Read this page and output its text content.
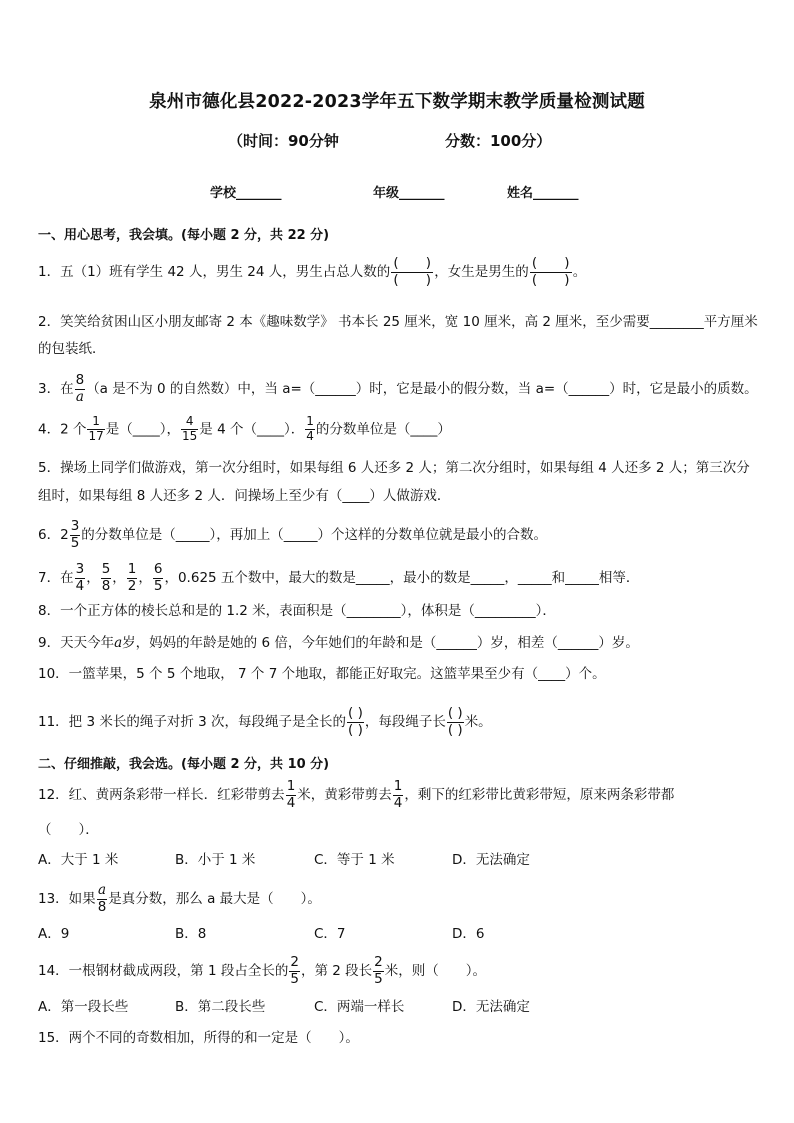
泉州市德化县2022-2023学年五下数学期末教学质量检测试题
（时间：90分钟	分数：100分）
学校_______	年级_______	姓名_______
一、用心思考，我会填。(每小题 2 分，共 22 分)
1．五（1）班有学生 42 人，男生 24 人，男生占总人数的 $\frac{( )}{( )}$ ，女生是男生的 $\frac{( )}{( )}$ 。
2．笑笑给贫困山区小朋友邮寄 2 本《趣味数学》 书本长 25 厘米，宽 10 厘米，高 2 厘米，至少需要________平方厘米的包装纸．
3．在 $\frac{8}{a} (a$ 是不为 0 的自然数）中，当 a=（______）时，它是最小的假分数，当 a=（______）时，它是最小的质数。
4．2 个 $\frac{1}{17}$ 是（____）， $\frac{4}{15}$ 是 4 个（____）． $\frac{1}{4}$ 的分数单位是（____）
5．操场上同学们做游戏，第一次分组时，如果每组 6 人还多 2 人；第二次分组时，如果每组 4 人还多 2 人；第三次分组时，如果每组 8 人还多 2 人．问操场上至少有（____）人做游戏．
6．$2 \frac{3}{5}$ 的分数单位是（_____），再加上（_____）个这样的分数单位就是最小的合数。
7．在 $\frac{3}{4}$ ， $\frac{5}{8}$ ， $\frac{1}{2}$ ， $\frac{6}{5}$ ，0.625 五个数中，最大的数是_____，最小的数是_____，_____和_____相等．
8．一个正方体的棱长总和是的 1.2 米，表面积是（________），体积是（_________）．
9．天天今年a岁，妈妈的年龄是她的 6 倍，今年她们的年龄和是（______）岁，相差（______）岁。
10．一篮苹果，5 个 5 个地取， 7 个 7 个地取，都能正好取完。这篮苹果至少有（____）个。
11．把 3 米长的绳子对折 3 次，每段绳子是全长的 $\frac{( )}{( )}$ ，每段绳子长 $\frac{( )}{( )}$ 米。
二、仔细推敲，我会选。(每小题 2 分，共 10 分)
12．红、黄两条彩带一样长．红彩带剪去 $\frac{1}{4}$ 米，黄彩带剪去 $\frac{1}{4}$ ，剩下的红彩带比黄彩带短，原来两条彩带都
（　　）．
A．大于 1 米	B．小于 1 米	C．等于 1 米	D．无法确定
13．如果 $\frac{a}{8}$ 是真分数，那么 a 最大是（　　）。
A．9	B．8	C．7	D．6
14．一根钢材截成两段，第 1 段占全长的 $\frac{2}{5}$ ，第 2 段长 $\frac{2}{5}$ 米，则（　　）。
A．第一段长些	B．第二段长些	C．两端一样长	D．无法确定
15．两个不同的奇数相加，所得的和一定是（　　）。
